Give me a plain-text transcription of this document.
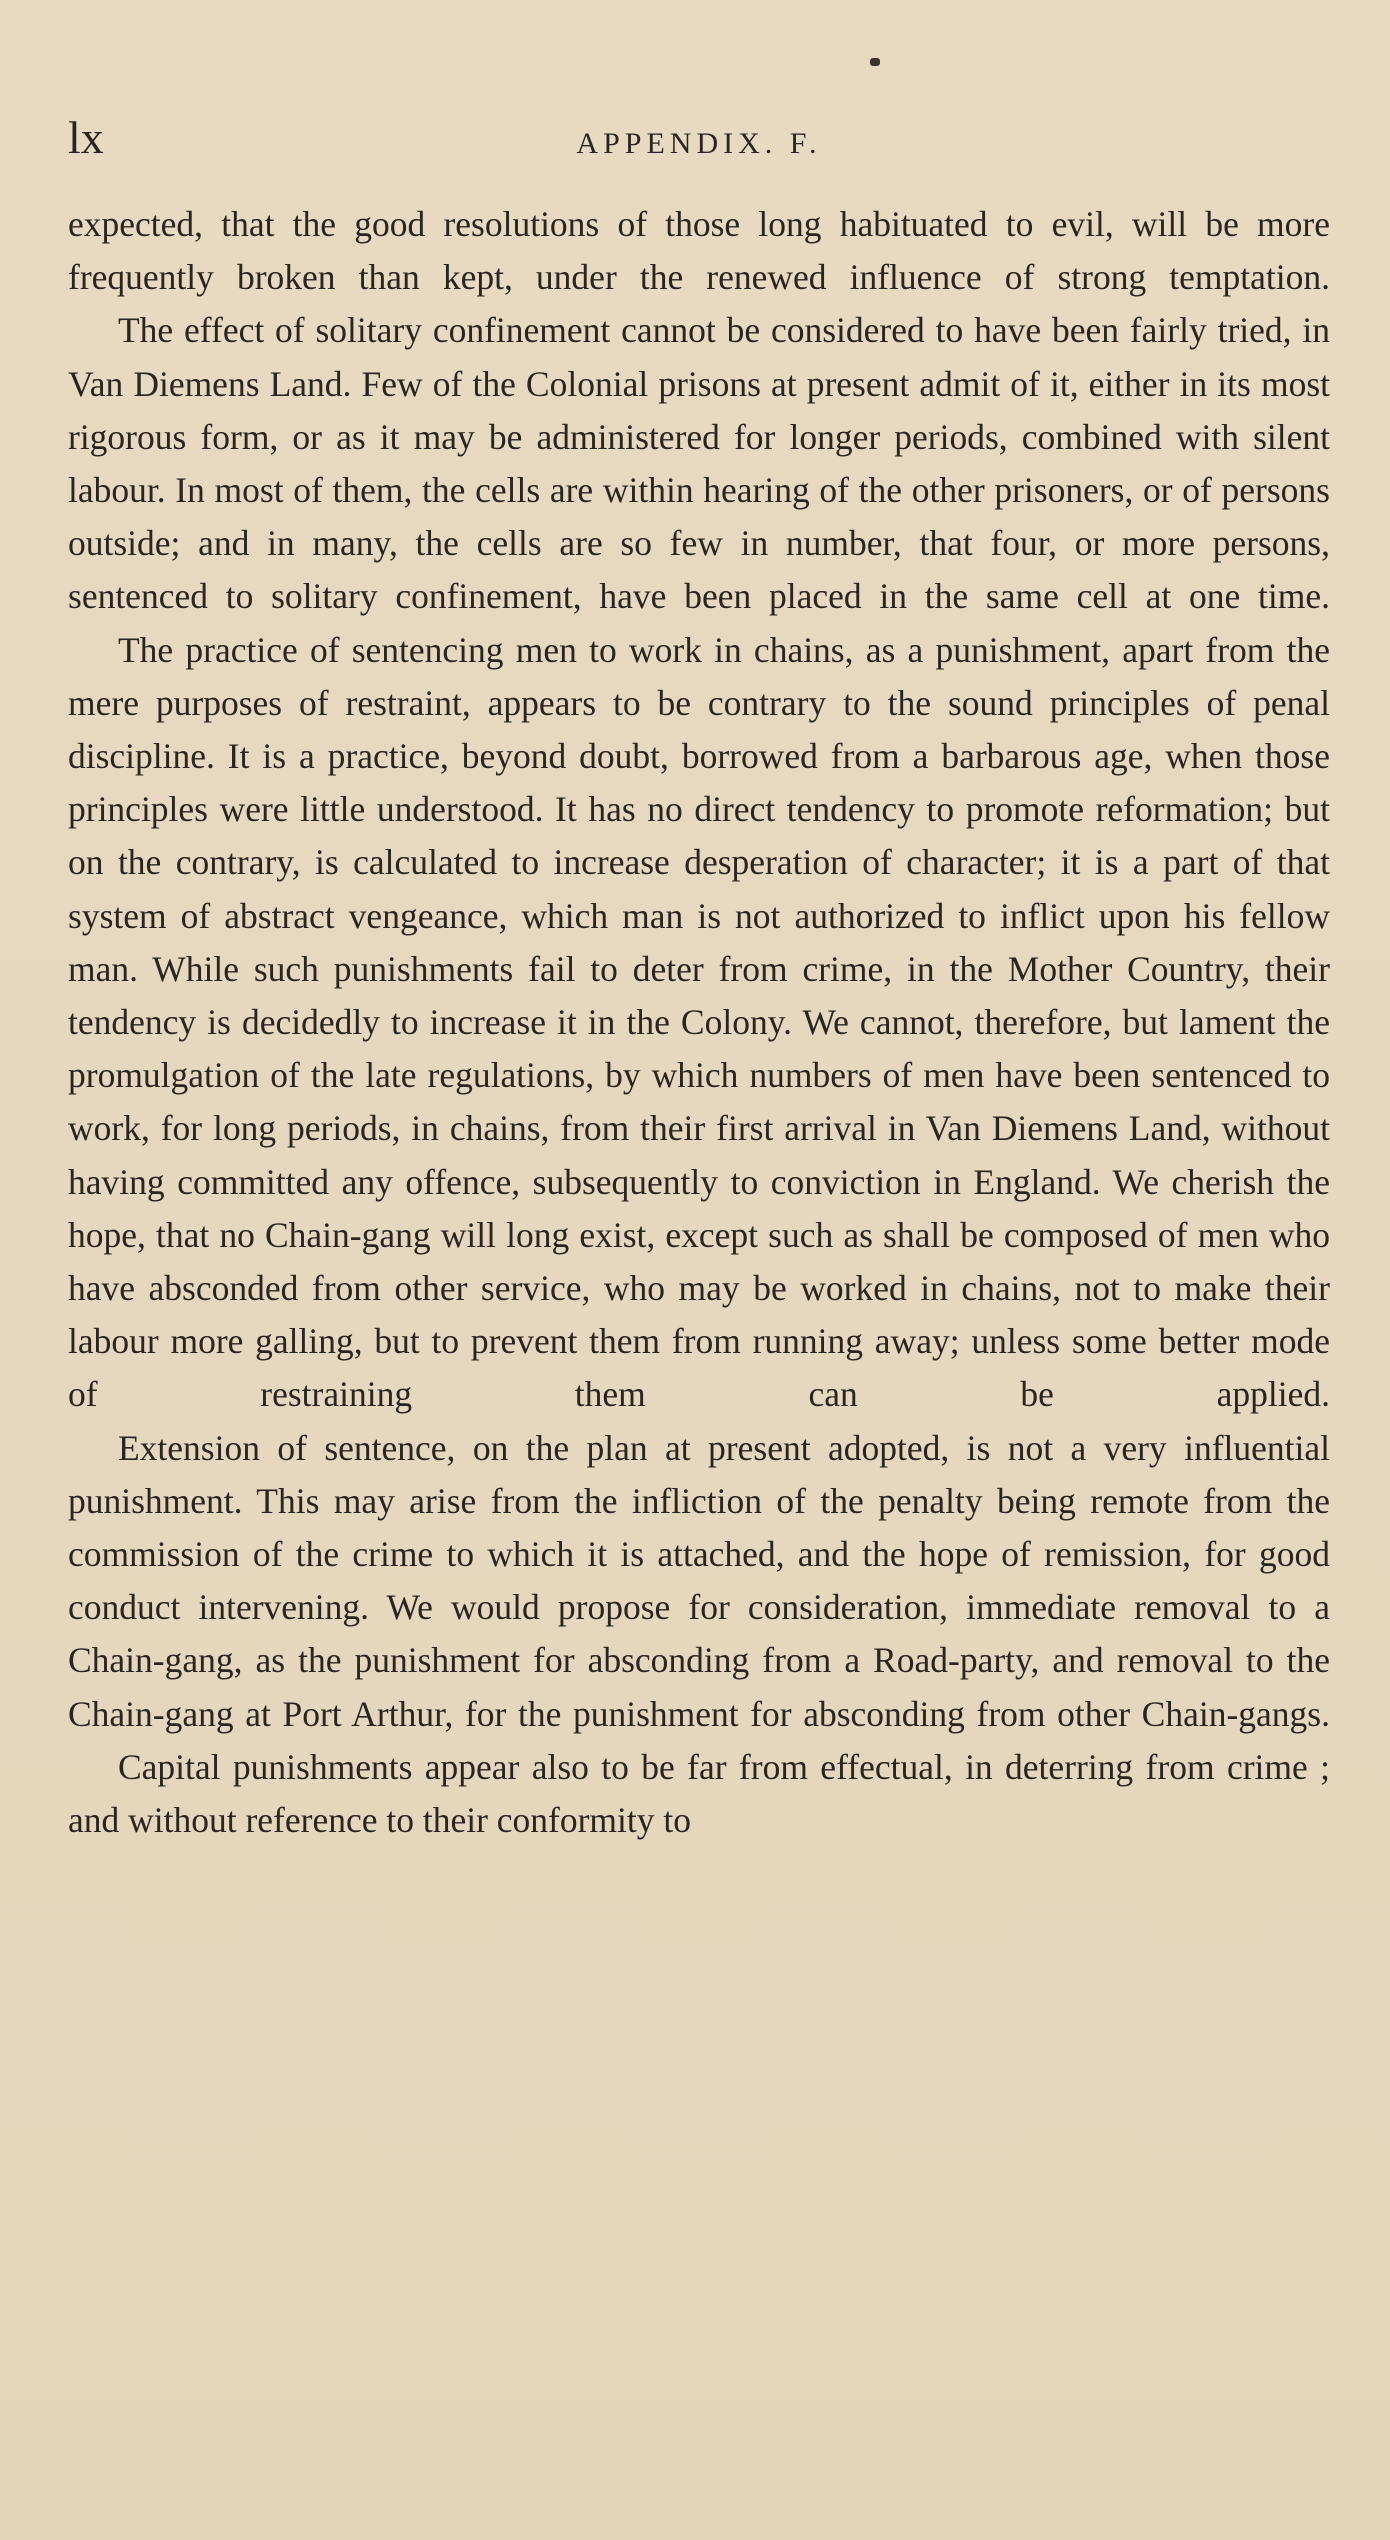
lx	APPENDIX. F.

expected, that the good resolutions of those long habituated to evil, will be more frequently broken than kept, under the renewed influence of strong temptation.

The effect of solitary confinement cannot be considered to have been fairly tried, in Van Diemens Land. Few of the Colonial prisons at present admit of it, either in its most rigorous form, or as it may be administered for longer periods, combined with silent labour. In most of them, the cells are within hearing of the other prisoners, or of persons outside; and in many, the cells are so few in number, that four, or more persons, sentenced to solitary confinement, have been placed in the same cell at one time.

The practice of sentencing men to work in chains, as a punishment, apart from the mere purposes of restraint, appears to be contrary to the sound principles of penal discipline. It is a practice, beyond doubt, borrowed from a barbarous age, when those principles were little understood. It has no direct tendency to promote reformation; but on the contrary, is calculated to increase desperation of character; it is a part of that system of abstract vengeance, which man is not authorized to inflict upon his fellow man. While such punishments fail to deter from crime, in the Mother Country, their tendency is decidedly to increase it in the Colony. We cannot, therefore, but lament the promulgation of the late regulations, by which numbers of men have been sentenced to work, for long periods, in chains, from their first arrival in Van Diemens Land, without having committed any offence, subsequently to conviction in England. We cherish the hope, that no Chain-gang will long exist, except such as shall be composed of men who have absconded from other service, who may be worked in chains, not to make their labour more galling, but to prevent them from running away; unless some better mode of restraining them can be applied.

Extension of sentence, on the plan at present adopted, is not a very influential punishment. This may arise from the infliction of the penalty being remote from the commission of the crime to which it is attached, and the hope of remission, for good conduct intervening. We would propose for consideration, immediate removal to a Chain-gang, as the punishment for absconding from a Road-party, and removal to the Chain-gang at Port Arthur, for the punishment for absconding from other Chain-gangs.

Capital punishments appear also to be far from effectual, in deterring from crime ; and without reference to their conformity to
